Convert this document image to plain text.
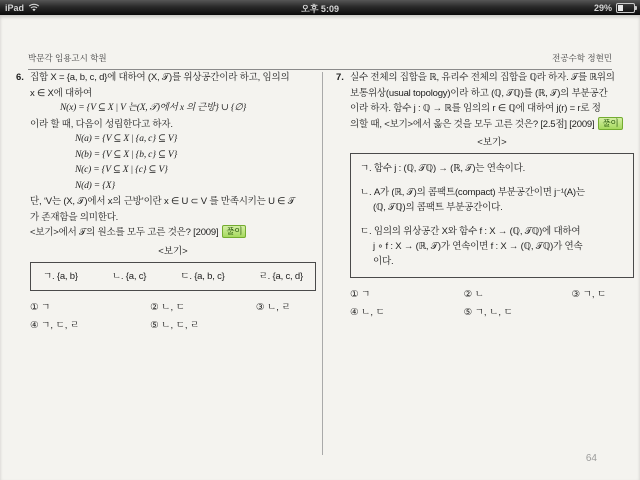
iPad	오후 5:09	29%
박문각 임용고시 학원	전공수학 정현민
6. 집합 X = {a, b, c, d}에 대하여 (X, 𝒯)를 위상공간이라 하고, 임의의
x ∈ X에 대하여
N(x) = {V ⊆ X | V 는(X, 𝒯)에서 x 의 근방} ∪ {∅}
이라 할 때, 다음이 성립한다고 하자.
N(a) = {V ⊆ X | {a, c} ⊆ V}
N(b) = {V ⊆ X | {b, c} ⊆ V}
N(c) = {V ⊆ X | {c} ⊆ V}
N(d) = {X}
단, ‘V는 (X, 𝒯)에서 x의 근방’이란 x ∈ U ⊂ V 를 만족시키는 U ∈ 𝒯
가 존재함을 의미한다.
<보기>에서 𝒯의 원소를 모두 고른 것은? [2009] 풀이
<보기>
ㄱ. {a, b}	ㄴ. {a, c}	ㄷ. {a, b, c}	ㄹ. {a, c, d}
① ㄱ	② ㄴ, ㄷ	③ ㄴ, ㄹ
④ ㄱ, ㄷ, ㄹ	⑤ ㄴ, ㄷ, ㄹ
7. 실수 전체의 집합을 ℝ, 유리수 전체의 집합을 ℚ라 하자. 𝒯를 ℝ위의
보통위상(usual topology)이라 하고 (ℚ, 𝒯ℚ)를 (ℝ, 𝒯)의 부분공간
이라 하자. 함수 j : ℚ → ℝ를 임의의 r ∈ ℚ에 대하여 j(r) = r로 정
의할 때, <보기>에서 옳은 것을 모두 고른 것은? [2.5점] [2009] 풀이
<보기>
ㄱ. 함수 j : (ℚ, 𝒯ℚ) → (ℝ, 𝒯)는 연속이다.
ㄴ. A가 (ℝ, 𝒯)의 콤팩트(compact) 부분공간이면 j⁻¹(A)는
(ℚ, 𝒯ℚ)의 콤팩트 부분공간이다.
ㄷ. 임의의 위상공간 X와 함수 f : X → (ℚ, 𝒯ℚ)에 대하여
j ∘ f : X → (ℝ, 𝒯)가 연속이면 f : X → (ℚ, 𝒯ℚ)가 연속
이다.
① ㄱ	② ㄴ	③ ㄱ, ㄷ
④ ㄴ, ㄷ	⑤ ㄱ, ㄴ, ㄷ
64
